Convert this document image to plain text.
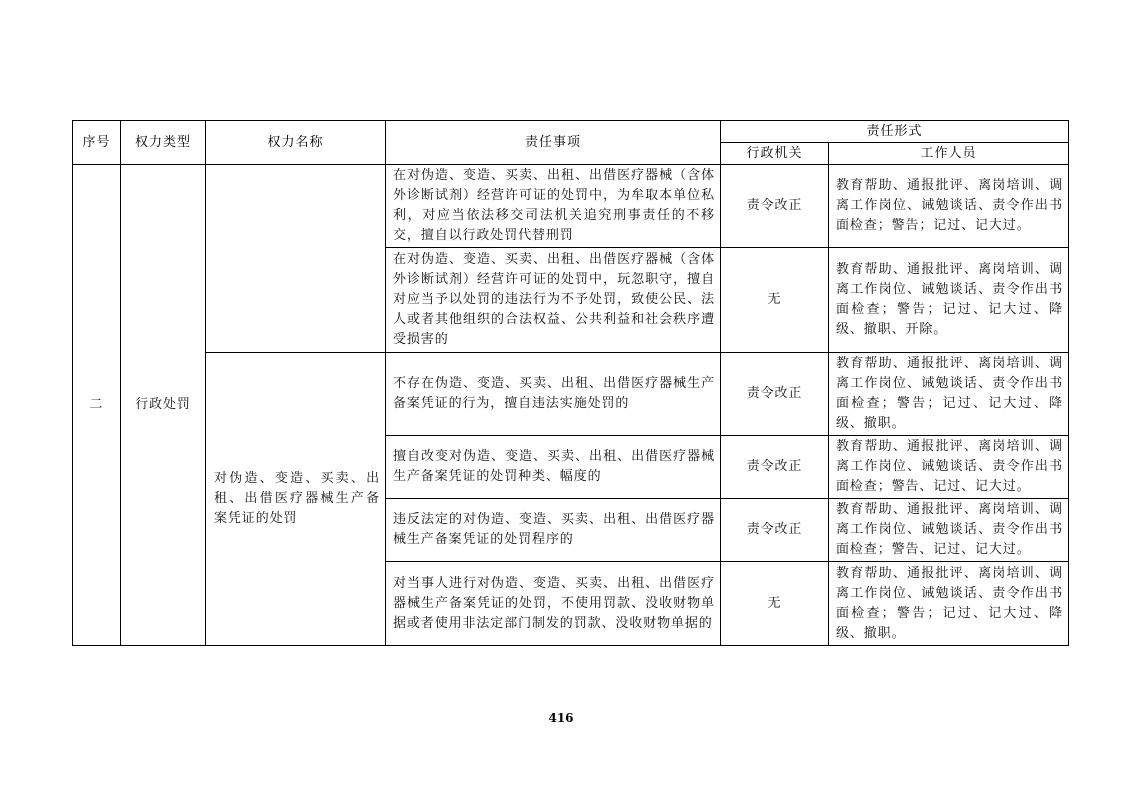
序号	权力类型	权力名称	责任事项	责任形式	
				行政机关	工作人员
二	行政处罚		在对伪造、变造、买卖、出租、出借医疗器械（含体外诊断试剂）经营许可证的处罚中，为牟取本单位私利，对应当依法移交司法机关追究刑事责任的不移交，擅自以行政处罚代替刑罚	责令改正	教育帮助、通报批评、离岗培训、调离工作岗位、诫勉谈话、责令作出书面检查；警告；记过、记大过。
			在对伪造、变造、买卖、出租、出借医疗器械（含体外诊断试剂）经营许可证的处罚中，玩忽职守，擅自对应当予以处罚的违法行为不予处罚，致使公民、法人或者其他组织的合法权益、公共利益和社会秩序遭受损害的	无	教育帮助、通报批评、离岗培训、调离工作岗位、诫勉谈话、责令作出书面检查；警告；记过、记大过、降级、撤职、开除。
		对伪造、变造、买卖、出租、出借医疗器械生产备案凭证的处罚	不存在伪造、变造、买卖、出租、出借医疗器械生产备案凭证的行为，擅自违法实施处罚的	责令改正	教育帮助、通报批评、离岗培训、调离工作岗位、诫勉谈话、责令作出书面检查；警告；记过、记大过、降级、撤职。
			擅自改变对伪造、变造、买卖、出租、出借医疗器械生产备案凭证的处罚种类、幅度的	责令改正	教育帮助、通报批评、离岗培训、调离工作岗位、诫勉谈话、责令作出书面检查；警告、记过、记大过。
			违反法定的对伪造、变造、买卖、出租、出借医疗器械生产备案凭证的处罚程序的	责令改正	教育帮助、通报批评、离岗培训、调离工作岗位、诫勉谈话、责令作出书面检查；警告、记过、记大过。
			对当事人进行对伪造、变造、买卖、出租、出借医疗器械生产备案凭证的处罚，不使用罚款、没收财物单据或者使用非法定部门制发的罚款、没收财物单据的	无	教育帮助、通报批评、离岗培训、调离工作岗位、诫勉谈话、责令作出书面检查；警告；记过、记大过、降级、撤职。
416
